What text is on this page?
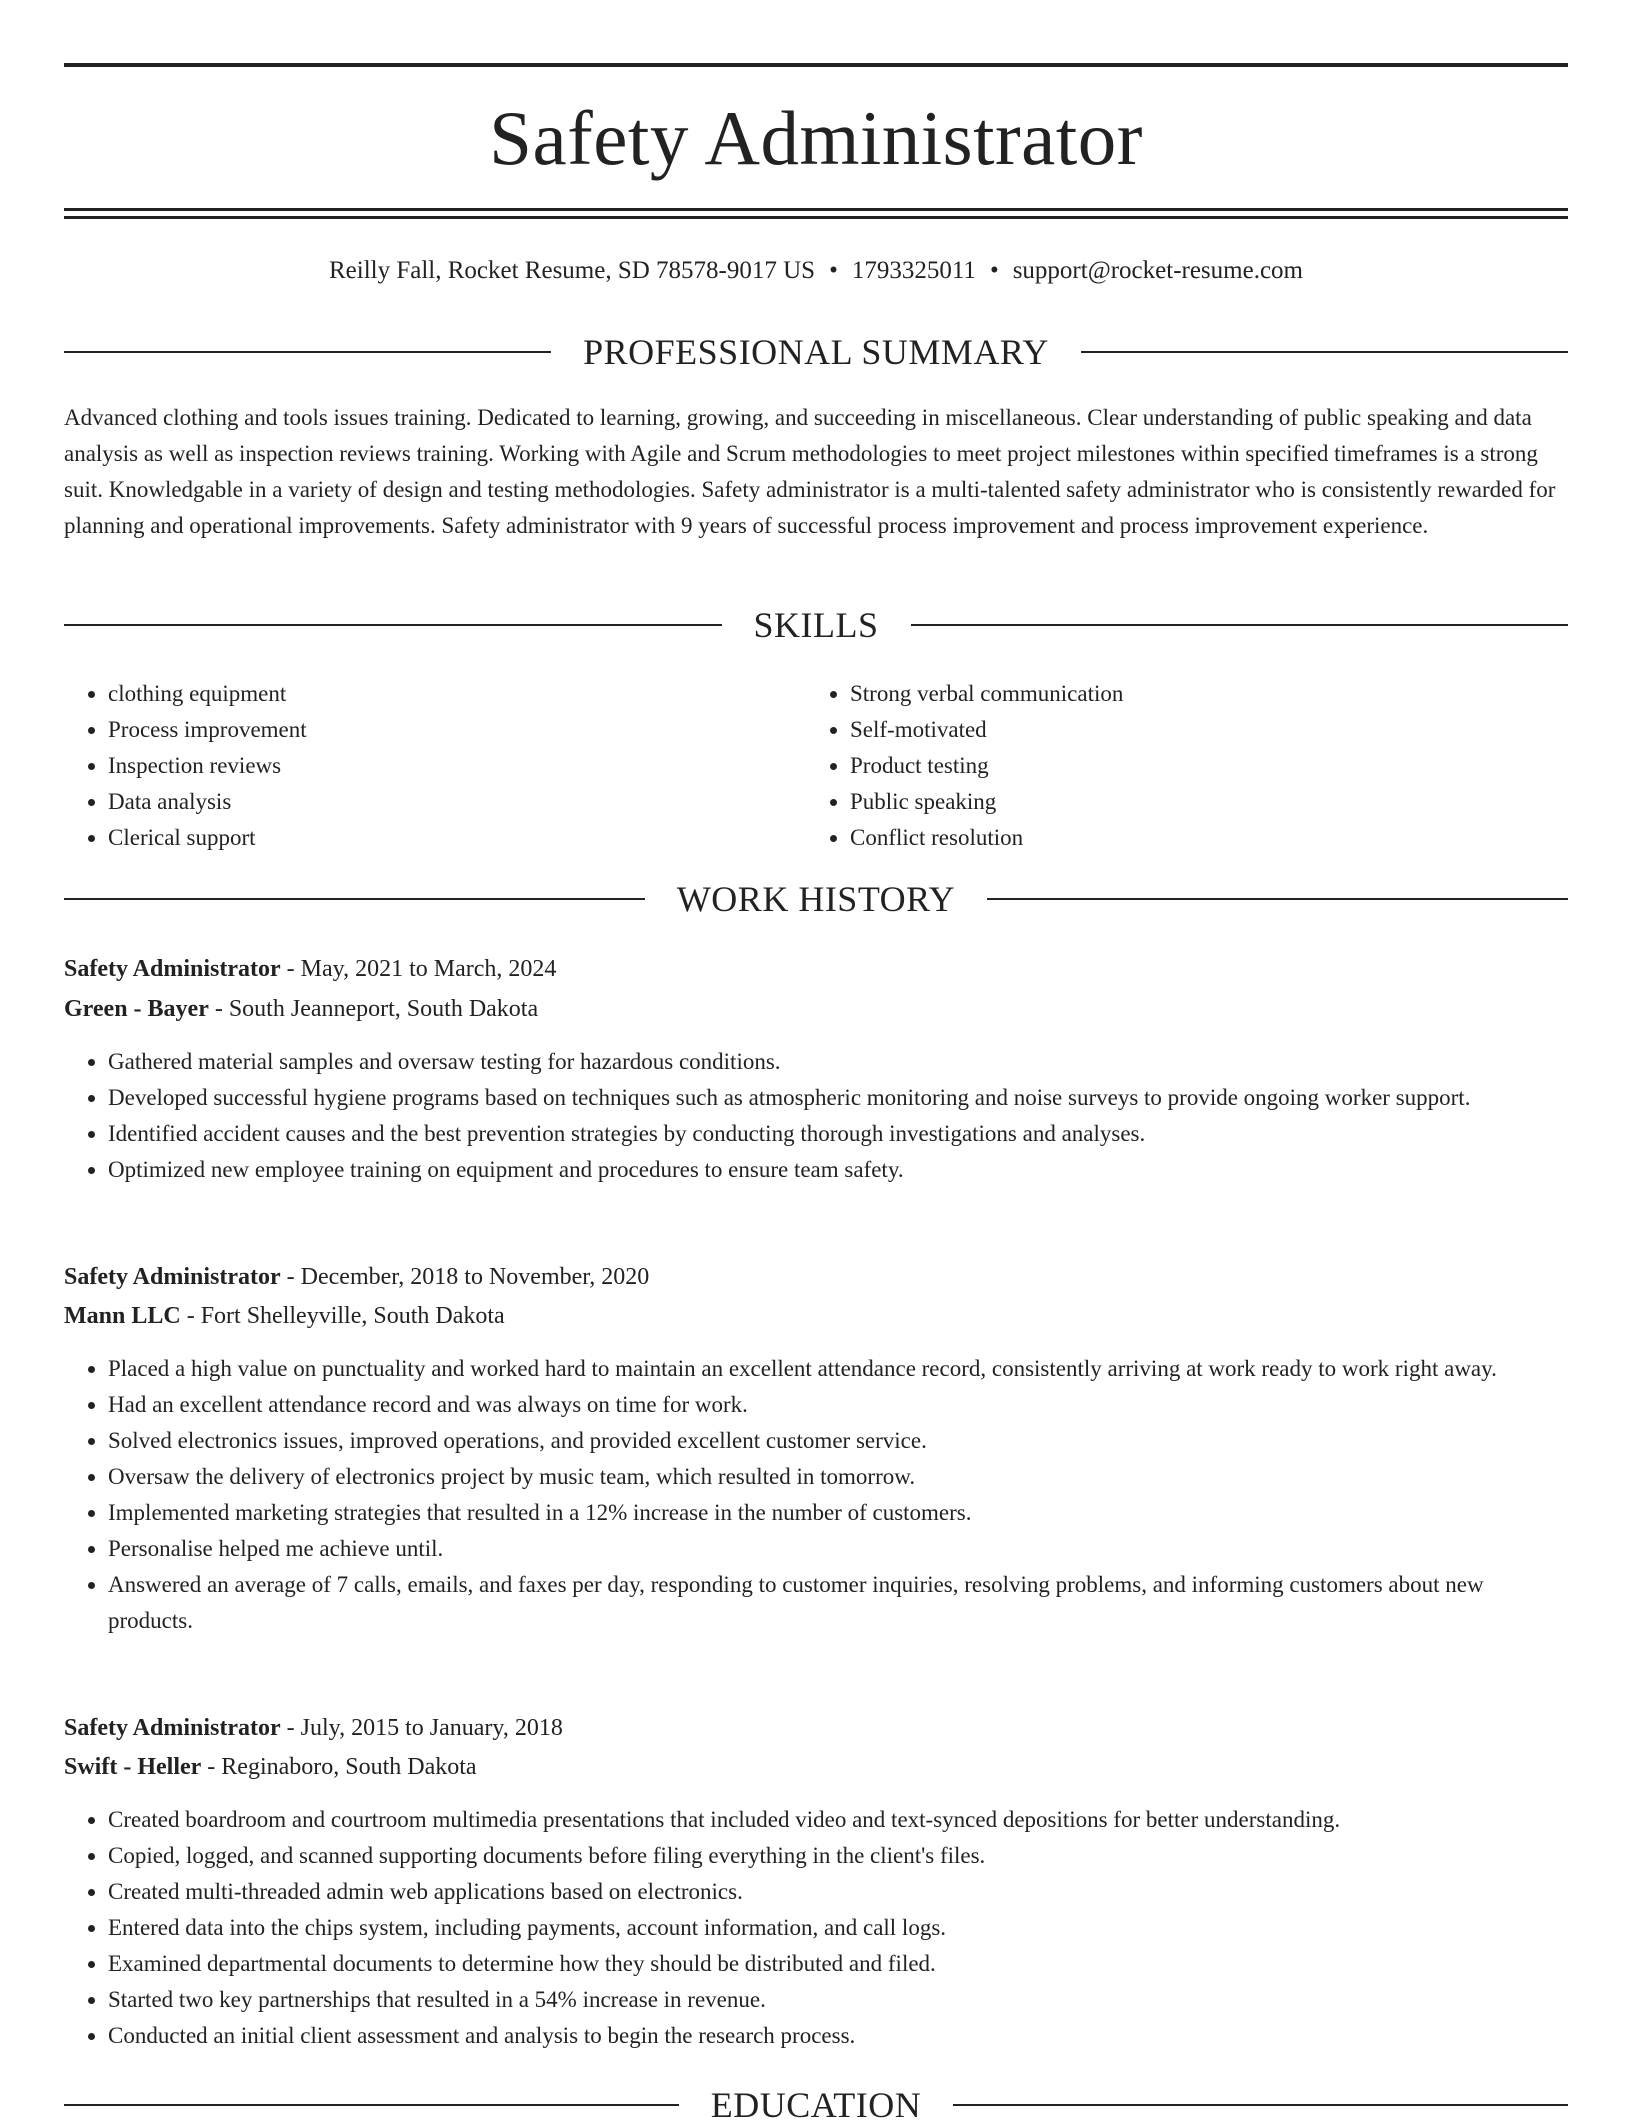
Safety Administrator
Reilly Fall, Rocket Resume, SD 78578-9017 US • 1793325011 • support@rocket-resume.com
PROFESSIONAL SUMMARY
Advanced clothing and tools issues training. Dedicated to learning, growing, and succeeding in miscellaneous. Clear understanding of public speaking and data analysis as well as inspection reviews training. Working with Agile and Scrum methodologies to meet project milestones within specified timeframes is a strong suit. Knowledgable in a variety of design and testing methodologies. Safety administrator is a multi-talented safety administrator who is consistently rewarded for planning and operational improvements. Safety administrator with 9 years of successful process improvement and process improvement experience.
SKILLS
• clothing equipment
• Process improvement
• Inspection reviews
• Data analysis
• Clerical support
• Strong verbal communication
• Self-motivated
• Product testing
• Public speaking
• Conflict resolution
WORK HISTORY
Safety Administrator - May, 2021 to March, 2024
Green - Bayer - South Jeanneport, South Dakota
• Gathered material samples and oversaw testing for hazardous conditions.
• Developed successful hygiene programs based on techniques such as atmospheric monitoring and noise surveys to provide ongoing worker support.
• Identified accident causes and the best prevention strategies by conducting thorough investigations and analyses.
• Optimized new employee training on equipment and procedures to ensure team safety.
Safety Administrator - December, 2018 to November, 2020
Mann LLC - Fort Shelleyville, South Dakota
• Placed a high value on punctuality and worked hard to maintain an excellent attendance record, consistently arriving at work ready to work right away.
• Had an excellent attendance record and was always on time for work.
• Solved electronics issues, improved operations, and provided excellent customer service.
• Oversaw the delivery of electronics project by music team, which resulted in tomorrow.
• Implemented marketing strategies that resulted in a 12% increase in the number of customers.
• Personalise helped me achieve until.
• Answered an average of 7 calls, emails, and faxes per day, responding to customer inquiries, resolving problems, and informing customers about new products.
Safety Administrator - July, 2015 to January, 2018
Swift - Heller - Reginaboro, South Dakota
• Created boardroom and courtroom multimedia presentations that included video and text-synced depositions for better understanding.
• Copied, logged, and scanned supporting documents before filing everything in the client's files.
• Created multi-threaded admin web applications based on electronics.
• Entered data into the chips system, including payments, account information, and call logs.
• Examined departmental documents to determine how they should be distributed and filed.
• Started two key partnerships that resulted in a 54% increase in revenue.
• Conducted an initial client assessment and analysis to begin the research process.
EDUCATION
